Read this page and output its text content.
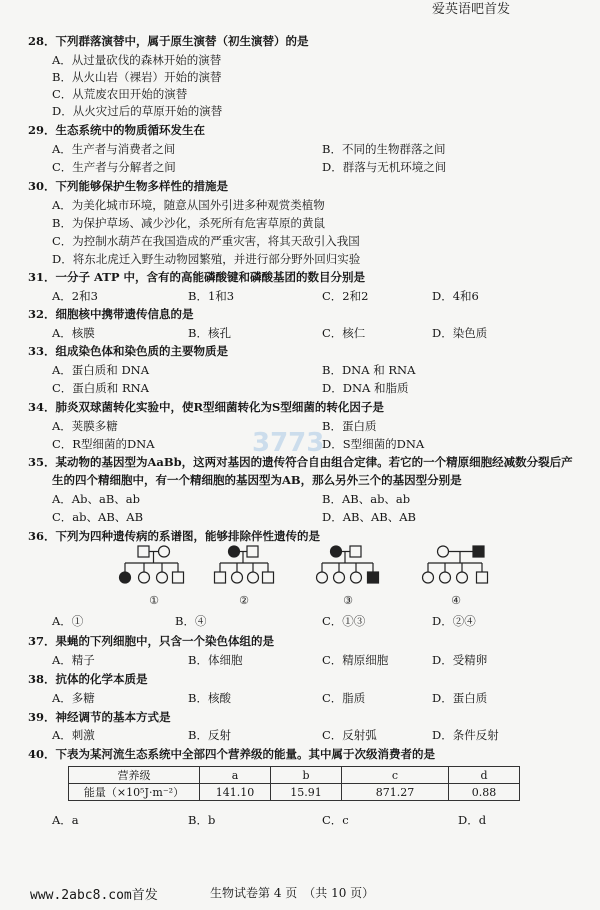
爱英语吧首发
28．下列群落演替中，属于原生演替（初生演替）的是
A．从过量砍伐的森林开始的演替
B．从火山岩（裸岩）开始的演替
C．从荒废农田开始的演替
D．从火灾过后的草原开始的演替
29．生态系统中的物质循环发生在
A．生产者与消费者之间	B．不同的生物群落之间
C．生产者与分解者之间	D．群落与无机环境之间
30．下列能够保护生物多样性的措施是
A．为美化城市环境，随意从国外引进多种观赏类植物
B．为保护草场、减少沙化，杀死所有危害草原的黄鼠
C．为控制水葫芦在我国造成的严重灾害，将其天敌引入我国
D．将东北虎迁入野生动物园繁殖，并进行部分野外回归实验
31．一分子 ATP 中，含有的高能磷酸键和磷酸基团的数目分别是
A．2和3	B．1和3	C．2和2	D．4和6
32．细胞核中携带遗传信息的是
A．核膜	B．核孔	C．核仁	D．染色质
33．组成染色体和染色质的主要物质是
A．蛋白质和 DNA	B．DNA 和 RNA
C．蛋白质和 RNA	D．DNA 和脂质
34．肺炎双球菌转化实验中，使R型细菌转化为S型细菌的转化因子是
A．荚膜多糖	B．蛋白质
C．R型细菌的DNA	D．S型细菌的DNA
3773
35．某动物的基因型为AaBb，这两对基因的遗传符合自由组合定律。若它的一个精原细胞经减数分裂后产
生的四个精细胞中，有一个精细胞的基因型为AB，那么另外三个的基因型分别是
A．Ab、aB、ab	B．AB、ab、ab
C．ab、AB、AB	D．AB、AB、AB
36．下列为四种遗传病的系谱图，能够排除伴性遗传的是
①	②	③	④
A．①	B．④	C．①③	D．②④
37．果蝇的下列细胞中，只含一个染色体组的是
A．精子	B．体细胞	C．精原细胞	D．受精卵
38．抗体的化学本质是
A．多糖	B．核酸	C．脂质	D．蛋白质
39．神经调节的基本方式是
A．刺激	B．反射	C．反射弧	D．条件反射
40．下表为某河流生态系统中全部四个营养级的能量。其中属于次级消费者的是
营养级	a	b	c	d
能量（×10⁵J·m⁻²）	141.10	15.91	871.27	0.88
A．a	B．b	C．c	D．d
www.2abc8.com首发	生物试卷第 4 页　（共 10 页）
